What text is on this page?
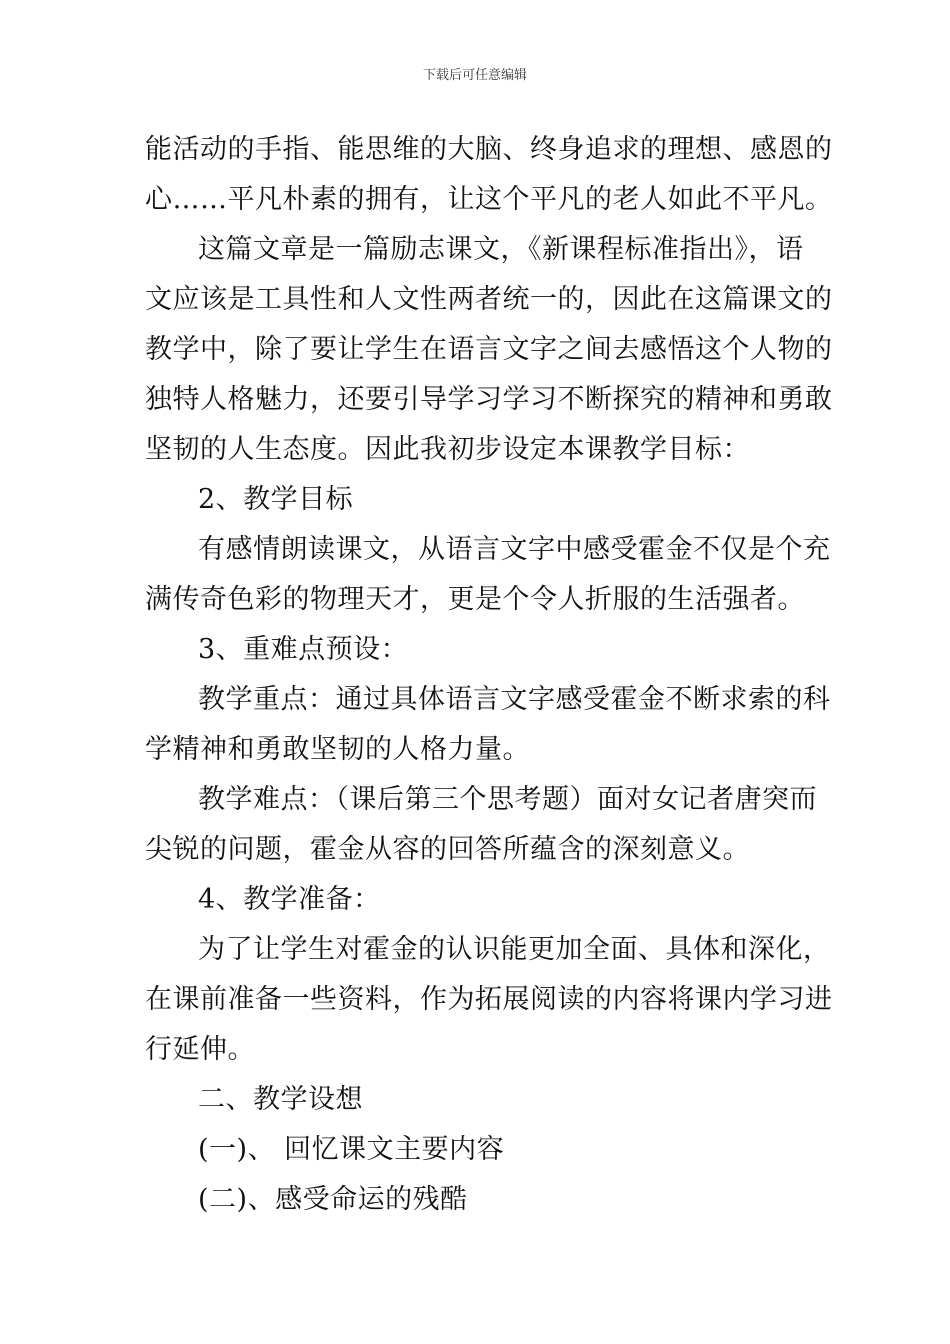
下载后可任意编辑
能活动的手指、能思维的大脑、终身追求的理想、感恩的
心……平凡朴素的拥有，让这个平凡的老人如此不平凡。
这篇文章是一篇励志课文，《新课程标准指出》，语
文应该是工具性和人文性两者统一的，因此在这篇课文的
教学中，除了要让学生在语言文字之间去感悟这个人物的
独特人格魅力，还要引导学习学习不断探究的精神和勇敢
坚韧的人生态度。因此我初步设定本课教学目标：
2、教学目标
有感情朗读课文，从语言文字中感受霍金不仅是个充
满传奇色彩的物理天才，更是个令人折服的生活强者。
3、重难点预设：
教学重点：通过具体语言文字感受霍金不断求索的科
学精神和勇敢坚韧的人格力量。
教学难点：（课后第三个思考题）面对女记者唐突而
尖锐的问题，霍金从容的回答所蕴含的深刻意义。
4、教学准备：
为了让学生对霍金的认识能更加全面、具体和深化，
在课前准备一些资料，作为拓展阅读的内容将课内学习进
行延伸。
二、教学设想
(一)、 回忆课文主要内容
(二)、感受命运的残酷
